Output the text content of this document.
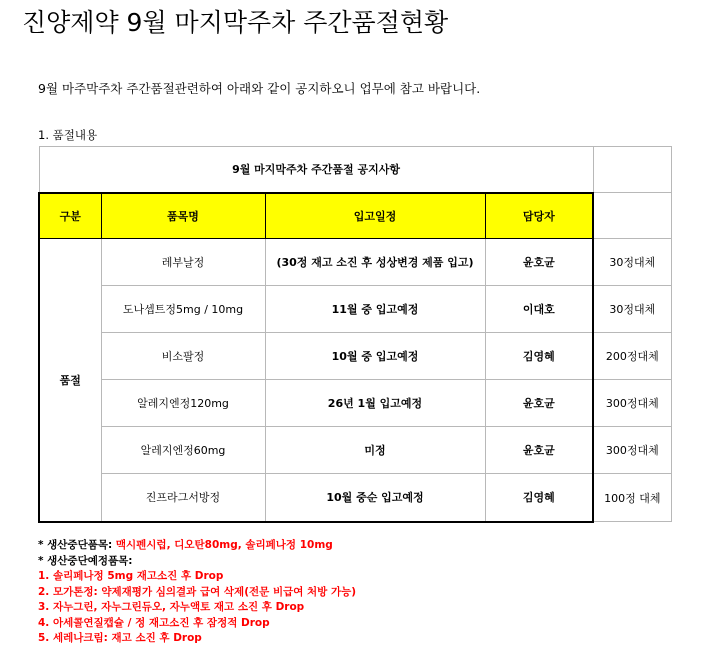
진양제약 9월 마지막주차 주간품절현황
9월 마주막주차 주간품절관련하여 아래와 같이 공지하오니 업무에 참고 바랍니다.
1. 품절내용
9월 마지막주차 주간품절 공지사항				
구분	품목명	입고일정	담당자	
품절	레부날정	(30정 재고 소진 후 성상변경 제품 입고)	윤호균	30정대체
	도나셉트정5mg / 10mg	11월 중 입고예정	이대호	30정대체
	비소팔정	10월 중 입고예정	김영혜	200정대체
	알레지엔정120mg	26년 1월 입고예정	윤호균	300정대체
	알레지엔정60mg	미정	윤호균	300정대체
	진프라그서방정	10월 중순 입고예정	김영혜	100정 대체
* 생산중단품목: 맥시펜시럽, 디오탄80mg, 솔리페나정 10mg
* 생산중단예정품목:
1. 솔리페나정 5mg 재고소진 후 Drop
2. 모가톤정: 약제재평가 심의결과 급여 삭제(전문 비급여 처방 가능)
3. 자누그린, 자누그린듀오, 자누액토 재고 소진 후 Drop
4. 아세콜연질캡슐 / 정 재고소진 후 잠정적 Drop
5. 세레나크림: 재고 소진 후 Drop
